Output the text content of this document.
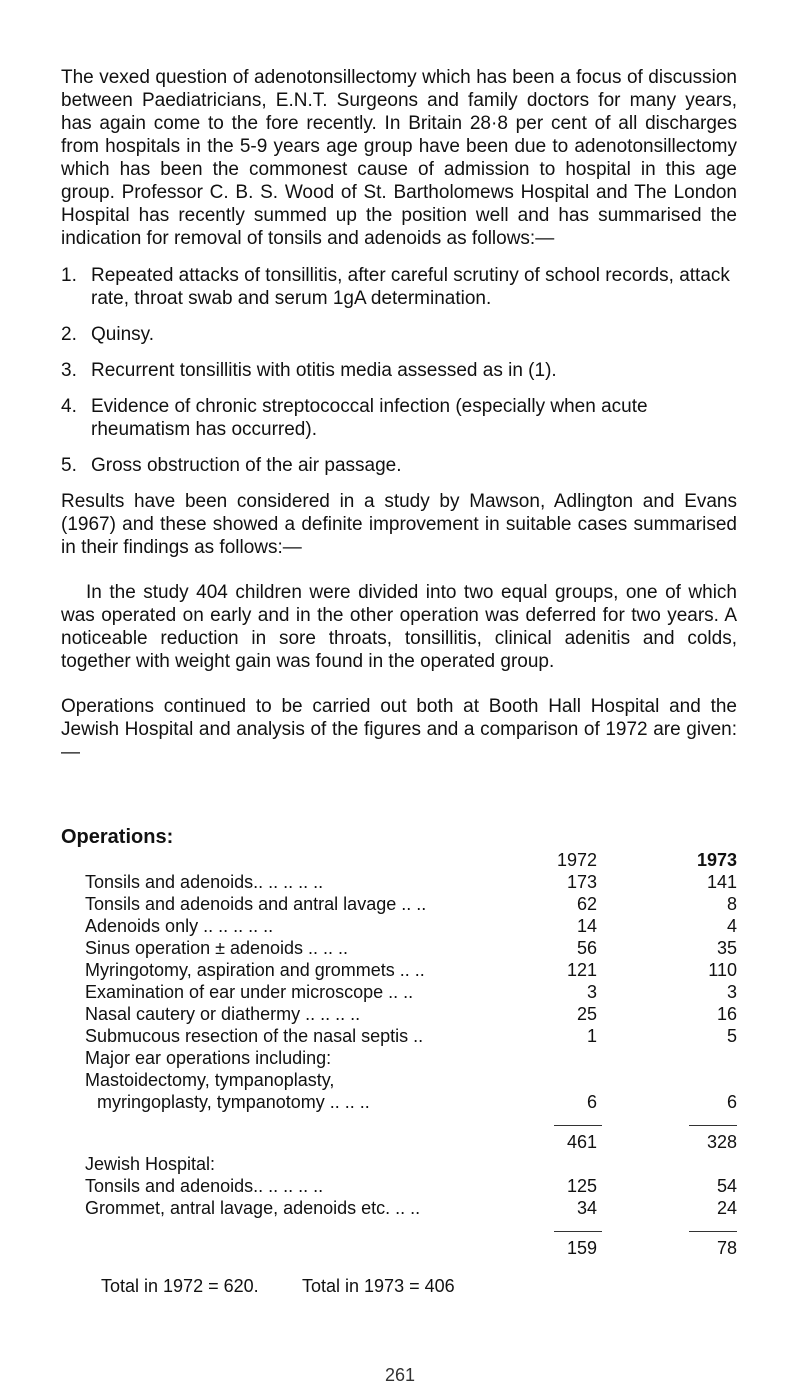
The vexed question of adenotonsillectomy which has been a focus of discussion between Paediatricians, E.N.T. Surgeons and family doctors for many years, has again come to the fore recently. In Britain 28·8 per cent of all discharges from hospitals in the 5-9 years age group have been due to adenotonsillectomy which has been the commonest cause of admission to hospital in this age group. Professor C. B. S. Wood of St. Bartholomews Hospital and The London Hospital has recently summed up the position well and has summarised the indication for removal of tonsils and adenoids as follows:—

1. Repeated attacks of tonsillitis, after careful scrutiny of school records, attack rate, throat swab and serum 1gA determination.
2. Quinsy.
3. Recurrent tonsillitis with otitis media assessed as in (1).
4. Evidence of chronic streptococcal infection (especially when acute rheumatism has occurred).
5. Gross obstruction of the air passage.

Results have been considered in a study by Mawson, Adlington and Evans (1967) and these showed a definite improvement in suitable cases summarised in their findings as follows:—

In the study 404 children were divided into two equal groups, one of which was operated on early and in the other operation was deferred for two years. A noticeable reduction in sore throats, tonsillitis, clinical adenitis and colds, together with weight gain was found in the operated group.

Operations continued to be carried out both at Booth Hall Hospital and the Jewish Hospital and analysis of the figures and a comparison of 1972 are given:—

Operations:
1972	1973
Tonsils and adenoids.. .. .. .. ..	173	141
Tonsils and adenoids and antral lavage .. ..	62	8
Adenoids only .. .. .. .. ..	14	4
Sinus operation ± adenoids .. .. ..	56	35
Myringotomy, aspiration and grommets .. ..	121	110
Examination of ear under microscope .. ..	3	3
Nasal cautery or diathermy .. .. .. ..	25	16
Submucous resection of the nasal septis ..	1	5
Major ear operations including:
Mastoidectomy, tympanoplasty,
myringoplasty, tympanotomy .. .. ..	6	6
461	328
Jewish Hospital:
Tonsils and adenoids.. .. .. .. ..	125	54
Grommet, antral lavage, adenoids etc. .. ..	34	24
159	78
Total in 1972 = 620. Total in 1973 = 406
261
